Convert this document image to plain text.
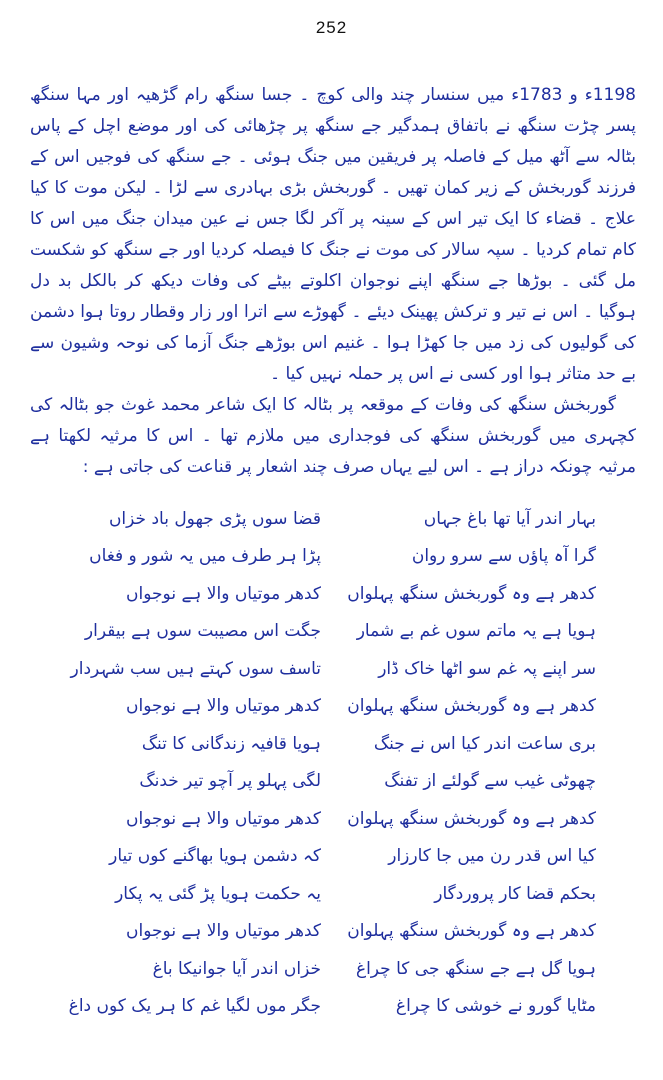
252

1198ء و 1783ء میں سنسار چند والی کوچ ۔ جسا سنگھ رام گڑھیہ اور مہا سنگھ پسر چڑت سنگھ نے باتفاق ہمدگیر جے سنگھ پر چڑھائی کی اور موضع اچل کے پاس بٹالہ سے آٹھ میل کے فاصلہ پر فریقین میں جنگ ہوئی ۔ جے سنگھ کی فوجیں اس کے فرزند گوربخش کے زیر کمان تھیں ۔ گوربخش بڑی بہادری سے لڑا ۔ لیکن موت کا کیا علاج ۔ قضاء کا ایک تیر اس کے سینہ پر آکر لگا جس نے عین میدان جنگ میں اس کا کام تمام کردیا ۔ سپہ سالار کی موت نے جنگ کا فیصلہ کردیا اور جے سنگھ کو شکست مل گئی ۔ بوڑھا جے سنگھ اپنے نوجوان اکلوتے بیٹے کی وفات دیکھ کر بالکل بد دل ہوگیا ۔ اس نے تیر و ترکش پھینک دیئے ۔ گھوڑے سے اترا اور زار وقطار روتا ہوا دشمن کی گولیوں کی زد میں جا کھڑا ہوا ۔ غنیم اس بوڑھے جنگ آزما کی نوحہ وشیون سے بے حد متاثر ہوا اور کسی نے اس پر حملہ نہیں کیا ۔

گوربخش سنگھ کی وفات کے موقعہ پر بٹالہ کا ایک شاعر محمد غوث جو بٹالہ کی کچہری میں گوربخش سنگھ کی فوجداری میں ملازم تھا ۔ اس کا مرثیہ لکھتا ہے مرثیہ چونکہ دراز ہے ۔ اس لیے یہاں صرف چند اشعار پر قناعت کی جاتی ہے :

بہار اندر آیا تھا باغ جہاں
قضا سوں پڑی جھول باد خزاں
گرا آہ پاؤں سے سرو روان
پڑا ہر طرف میں یہ شور و فغاں
کدھر ہے وہ گوربخش سنگھ پہلواں
کدھر موتیاں والا ہے نوجواں
ہویا ہے یہ ماتم سوں غم بے شمار
جگت اس مصیبت سوں ہے بیقرار
سر اپنے پہ غم سو اٹھا خاک ڈار
تاسف سوں کہتے ہیں سب شہردار
کدھر ہے وہ گوربخش سنگھ پہلوان
کدھر موتیاں والا ہے نوجواں
بری ساعت اندر کیا اس نے جنگ
ہویا قافیہ زندگانی کا تنگ
چھوٹی غیب سے گولئے از تفنگ
لگی پہلو پر آچو تیر خدنگ
کدھر ہے وہ گوربخش سنگھ پہلوان
کدھر موتیاں والا ہے نوجواں
کیا اس قدر رن میں جا کارزار
کہ دشمن ہویا بھاگنے کوں تیار
بحکم قضا کار پروردگار
یہ حکمت ہویا پڑ گئی یہ پکار
کدھر ہے وہ گوربخش سنگھ پہلوان
کدھر موتیاں والا ہے نوجواں
ہویا گل ہے جے سنگھ جی کا چراغ
خزاں اندر آیا جوانیکا باغ
مٹایا گورو نے خوشی کا چراغ
جگر موں لگیا غم کا ہر یک کوں داغ
